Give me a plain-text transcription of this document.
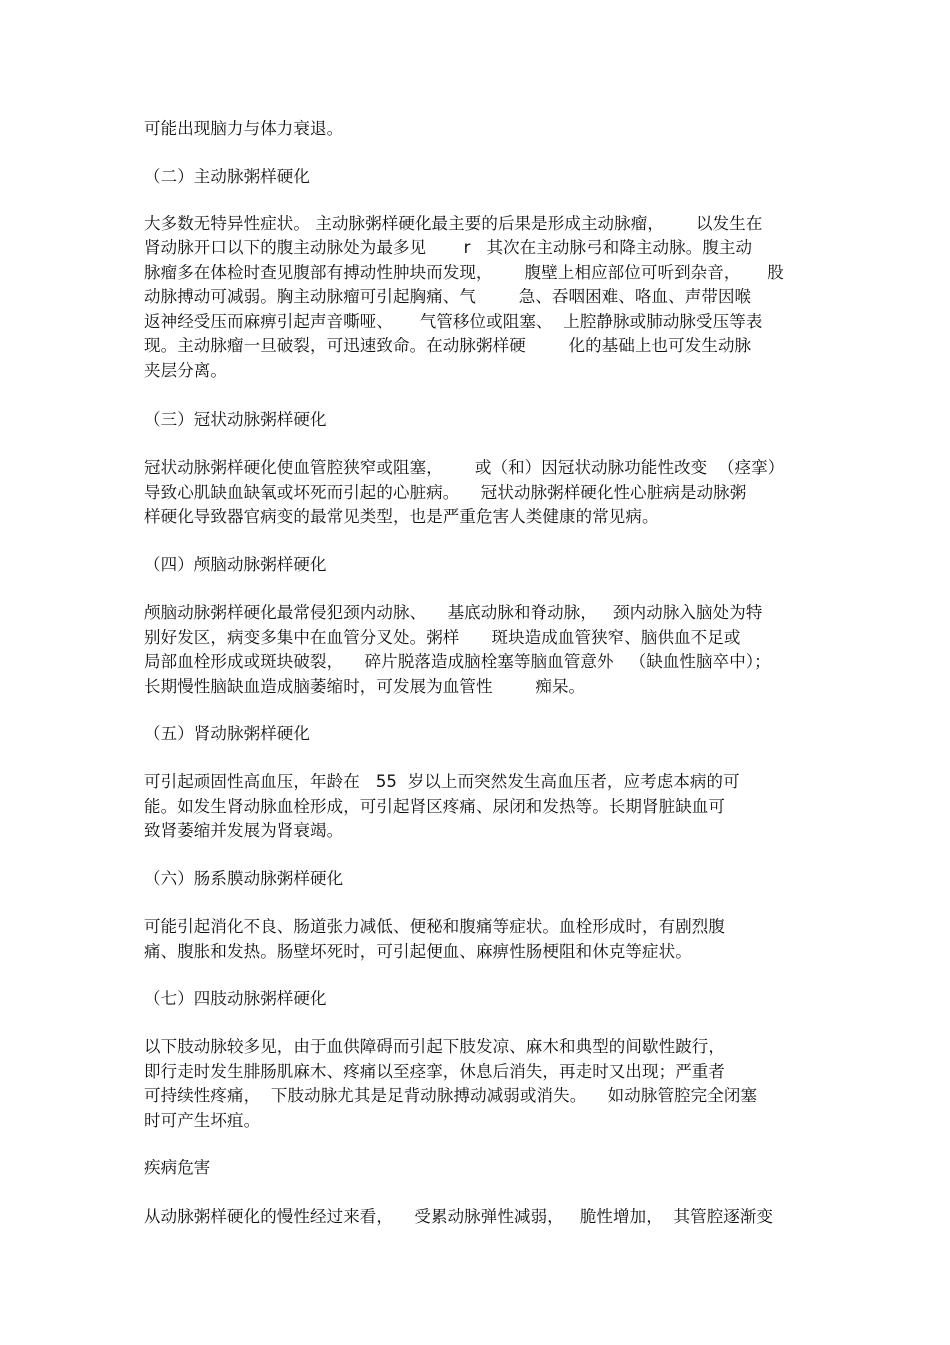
可能出现脑力与体力衰退。
（二）主动脉粥样硬化
大多数无特异性症状。 主动脉粥样硬化最主要的后果是形成主动脉瘤，      以发生在
肾动脉开口以下的腹主动脉处为最多见       r   其次在主动脉弓和降主动脉。腹主动
脉瘤多在体检时查见腹部有搏动性肿块而发现，      腹壁上相应部位可听到杂音，     股
动脉搏动可减弱。胸主动脉瘤可引起胸痛、气        急、吞咽困难、咯血、声带因喉
返神经受压而麻痹引起声音嘶哑、     气管移位或阻塞、  上腔静脉或肺动脉受压等表
现。主动脉瘤一旦破裂，可迅速致命。在动脉粥样硬        化的基础上也可发生动脉
夹层分离。
（三）冠状动脉粥样硬化
冠状动脉粥样硬化使血管腔狭窄或阻塞，      或（和）因冠状动脉功能性改变  （痉挛）
导致心肌缺血缺氧或坏死而引起的心脏病。    冠状动脉粥样硬化性心脏病是动脉粥
样硬化导致器官病变的最常见类型，也是严重危害人类健康的常见病。
（四）颅脑动脉粥样硬化
颅脑动脉粥样硬化最常侵犯颈内动脉、    基底动脉和脊动脉，   颈内动脉入脑处为特
别好发区，病变多集中在血管分叉处。粥样      斑块造成血管狭窄、脑供血不足或
局部血栓形成或斑块破裂，    碎片脱落造成脑栓塞等脑血管意外   （缺血性脑卒中）；
长期慢性脑缺血造成脑萎缩时，可发展为血管性        痴呆。
（五）肾动脉粥样硬化
可引起顽固性高血压，年龄在   55  岁以上而突然发生高血压者，应考虑本病的可
能。如发生肾动脉血栓形成，可引起肾区疼痛、尿闭和发热等。长期肾脏缺血可
致肾萎缩并发展为肾衰竭。
（六）肠系膜动脉粥样硬化
可能引起消化不良、肠道张力减低、便秘和腹痛等症状。血栓形成时，有剧烈腹
痛、腹胀和发热。肠壁坏死时，可引起便血、麻痹性肠梗阻和休克等症状。
（七）四肢动脉粥样硬化
以下肢动脉较多见，由于血供障碍而引起下肢发凉、麻木和典型的间歇性跛行，
即行走时发生腓肠肌麻木、疼痛以至痉挛，休息后消失，再走时又出现；严重者
可持续性疼痛，  下肢动脉尤其是足背动脉搏动减弱或消失。    如动脉管腔完全闭塞
时可产生坏疽。
疾病危害
从动脉粥样硬化的慢性经过来看，    受累动脉弹性减弱，   脆性增加，  其管腔逐渐变
